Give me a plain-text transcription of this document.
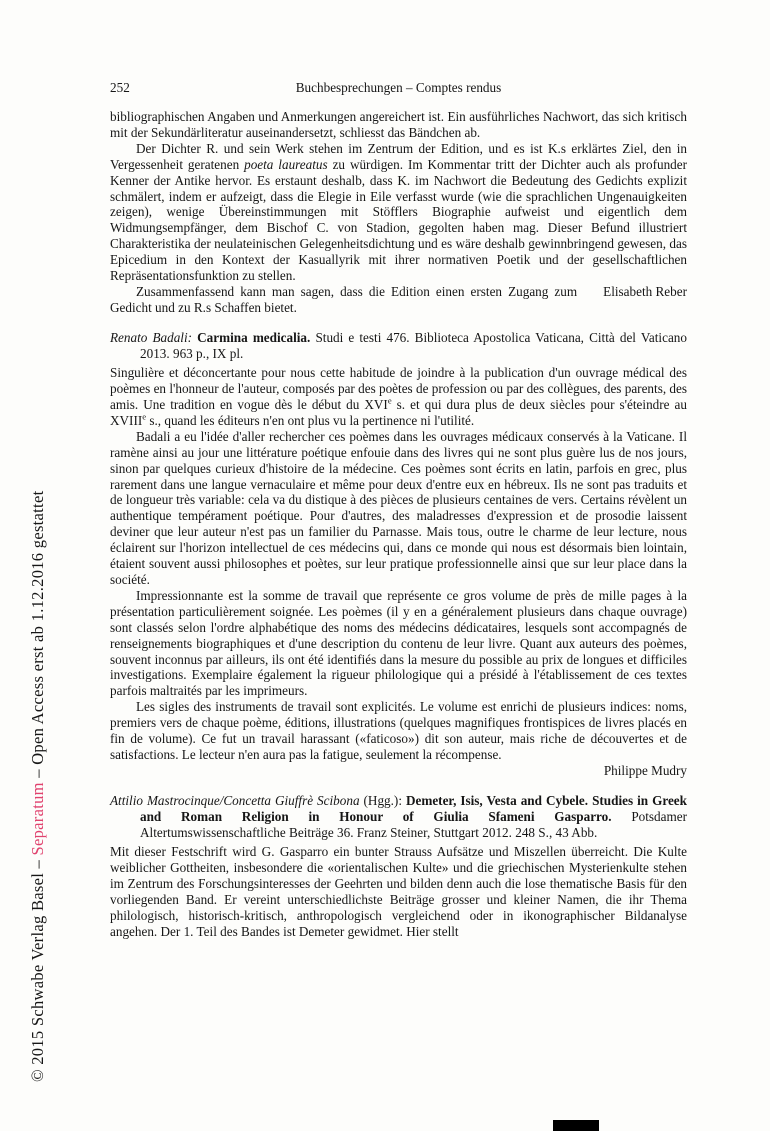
© 2015 Schwabe Verlag Basel – Separatum – Open Access erst ab 1.12.2016 gestattet
252	Buchbesprechungen – Comptes rendus

bibliographischen Angaben und Anmerkungen angereichert ist. Ein ausführliches Nachwort, das sich kritisch mit der Sekundärliteratur auseinandersetzt, schliesst das Bändchen ab.

Der Dichter R. und sein Werk stehen im Zentrum der Edition, und es ist K.s erklärtes Ziel, den in Vergessenheit geratenen poeta laureatus zu würdigen. Im Kommentar tritt der Dichter auch als profunder Kenner der Antike hervor. Es erstaunt deshalb, dass K. im Nachwort die Bedeutung des Gedichts explizit schmälert, indem er aufzeigt, dass die Elegie in Eile verfasst wurde (wie die sprachlichen Ungenauigkeiten zeigen), wenige Übereinstimmungen mit Stöfflers Biographie aufweist und eigentlich dem Widmungsempfänger, dem Bischof C. von Stadion, gegolten haben mag. Dieser Befund illustriert Charakteristika der neulateinischen Gelegenheitsdichtung und es wäre deshalb gewinnbringend gewesen, das Epicedium in den Kontext der Kasuallyrik mit ihrer normativen Poetik und der gesellschaftlichen Repräsentationsfunktion zu stellen.

Elisabeth Reber
Zusammenfassend kann man sagen, dass die Edition einen ersten Zugang zum Gedicht und zu R.s Schaffen bietet.

Renato Badali: Carmina medicalia. Studi e testi 476. Biblioteca Apostolica Vaticana, Città del Vaticano 2013. 963 p., IX pl.

Singulière et déconcertante pour nous cette habitude de joindre à la publication d'un ouvrage médical des poèmes en l'honneur de l'auteur, composés par des poètes de profession ou par des collègues, des parents, des amis. Une tradition en vogue dès le début du XVIe s. et qui dura plus de deux siècles pour s'éteindre au XVIIIe s., quand les éditeurs n'en ont plus vu la pertinence ni l'utilité.

Badali a eu l'idée d'aller rechercher ces poèmes dans les ouvrages médicaux conservés à la Vaticane. Il ramène ainsi au jour une littérature poétique enfouie dans des livres qui ne sont plus guère lus de nos jours, sinon par quelques curieux d'histoire de la médecine. Ces poèmes sont écrits en latin, parfois en grec, plus rarement dans une langue vernaculaire et même pour deux d'entre eux en hébreux. Ils ne sont pas traduits et de longueur très variable: cela va du distique à des pièces de plusieurs centaines de vers. Certains révèlent un authentique tempérament poétique. Pour d'autres, des maladresses d'expression et de prosodie laissent deviner que leur auteur n'est pas un familier du Parnasse. Mais tous, outre le charme de leur lecture, nous éclairent sur l'horizon intellectuel de ces médecins qui, dans ce monde qui nous est désormais bien lointain, étaient souvent aussi philosophes et poètes, sur leur pratique professionnelle ainsi que sur leur place dans la société.

Impressionnante est la somme de travail que représente ce gros volume de près de mille pages à la présentation particulièrement soignée. Les poèmes (il y en a généralement plusieurs dans chaque ouvrage) sont classés selon l'ordre alphabétique des noms des médecins dédicataires, lesquels sont accompagnés de renseignements biographiques et d'une description du contenu de leur livre. Quant aux auteurs des poèmes, souvent inconnus par ailleurs, ils ont été identifiés dans la mesure du possible au prix de longues et difficiles investigations. Exemplaire également la rigueur philologique qui a présidé à l'établissement de ces textes parfois maltraités par les imprimeurs.

Les sigles des instruments de travail sont explicités. Le volume est enrichi de plusieurs indices: noms, premiers vers de chaque poème, éditions, illustrations (quelques magnifiques frontispices de livres placés en fin de volume). Ce fut un travail harassant («faticoso») dit son auteur, mais riche de découvertes et de satisfactions. Le lecteur n'en aura pas la fatigue, seulement la récompense.

Philippe Mudry

Attilio Mastrocinque/Concetta Giuffrè Scibona (Hgg.): Demeter, Isis, Vesta and Cybele. Studies in Greek and Roman Religion in Honour of Giulia Sfameni Gasparro. Potsdamer Altertumswissenschaftliche Beiträge 36. Franz Steiner, Stuttgart 2012. 248 S., 43 Abb.

Mit dieser Festschrift wird G. Gasparro ein bunter Strauss Aufsätze und Miszellen überreicht. Die Kulte weiblicher Gottheiten, insbesondere die «orientalischen Kulte» und die griechischen Mysterienkulte stehen im Zentrum des Forschungsinteresses der Geehrten und bilden denn auch die lose thematische Basis für den vorliegenden Band. Er vereint unterschiedlichste Beiträge grosser und kleiner Namen, die ihr Thema philologisch, historisch-kritisch, anthropologisch vergleichend oder in ikonographischer Bildanalyse angehen. Der 1. Teil des Bandes ist Demeter gewidmet. Hier stellt
